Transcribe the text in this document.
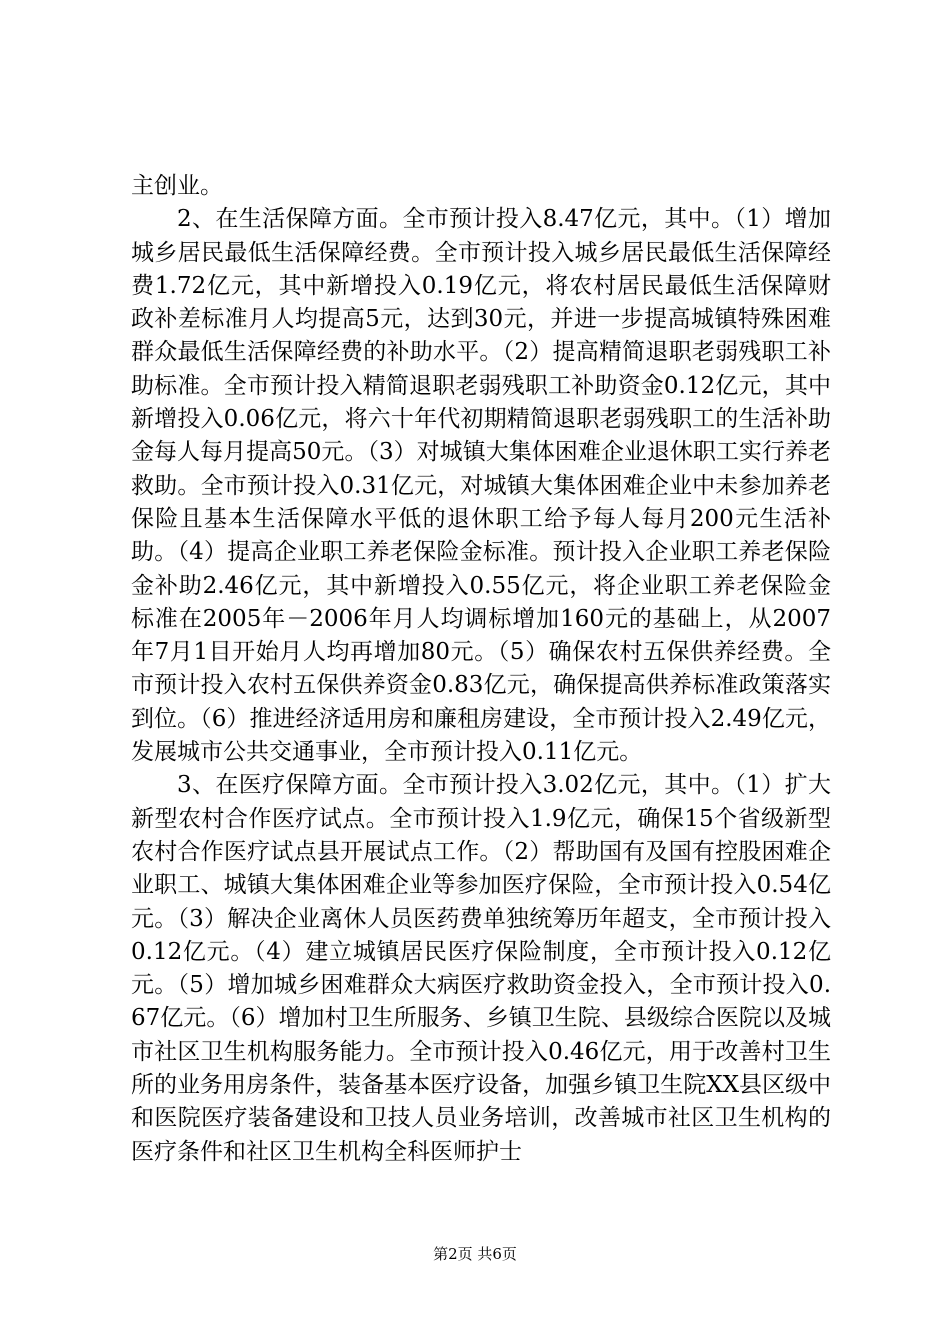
主创业。

2、在生活保障方面。全市预计投入8.47亿元，其中。（1）增加城乡居民最低生活保障经费。全市预计投入城乡居民最低生活保障经费1.72亿元，其中新增投入0.19亿元，将农村居民最低生活保障财政补差标准月人均提高5元，达到30元，并进一步提高城镇特殊困难群众最低生活保障经费的补助水平。（2）提高精简退职老弱残职工补助标准。全市预计投入精简退职老弱残职工补助资金0.12亿元，其中新增投入0.06亿元，将六十年代初期精简退职老弱残职工的生活补助金每人每月提高50元。（3）对城镇大集体困难企业退休职工实行养老救助。全市预计投入0.31亿元，对城镇大集体困难企业中未参加养老保险且基本生活保障水平低的退休职工给予每人每月200元生活补助。（4）提高企业职工养老保险金标准。预计投入企业职工养老保险金补助2.46亿元，其中新增投入0.55亿元，将企业职工养老保险金标准在2005年－2006年月人均调标增加160元的基础上，从2007年7月1目开始月人均再增加80元。（5）确保农村五保供养经费。全市预计投入农村五保供养资金0.83亿元，确保提高供养标准政策落实到位。（6）推进经济适用房和廉租房建设，全市预计投入2.49亿元，发展城市公共交通事业，全市预计投入0.11亿元。

3、在医疗保障方面。全市预计投入3.02亿元，其中。（1）扩大新型农村合作医疗试点。全市预计投入1.9亿元，确保15个省级新型农村合作医疗试点县开展试点工作。（2）帮助国有及国有控股困难企业职工、城镇大集体困难企业等参加医疗保险，全市预计投入0.54亿元。（3）解决企业离休人员医药费单独统筹历年超支，全市预计投入0.12亿元。（4）建立城镇居民医疗保险制度，全市预计投入0.12亿元。（5）增加城乡困难群众大病医疗救助资金投入，全市预计投入0.67亿元。（6）增加村卫生所服务、乡镇卫生院、县级综合医院以及城市社区卫生机构服务能力。全市预计投入0.46亿元，用于改善村卫生所的业务用房条件，装备基本医疗设备，加强乡镇卫生院XX县区级中和医院医疗装备建设和卫技人员业务培训，改善城市社区卫生机构的医疗条件和社区卫生机构全科医师护士

第2页 共6页
